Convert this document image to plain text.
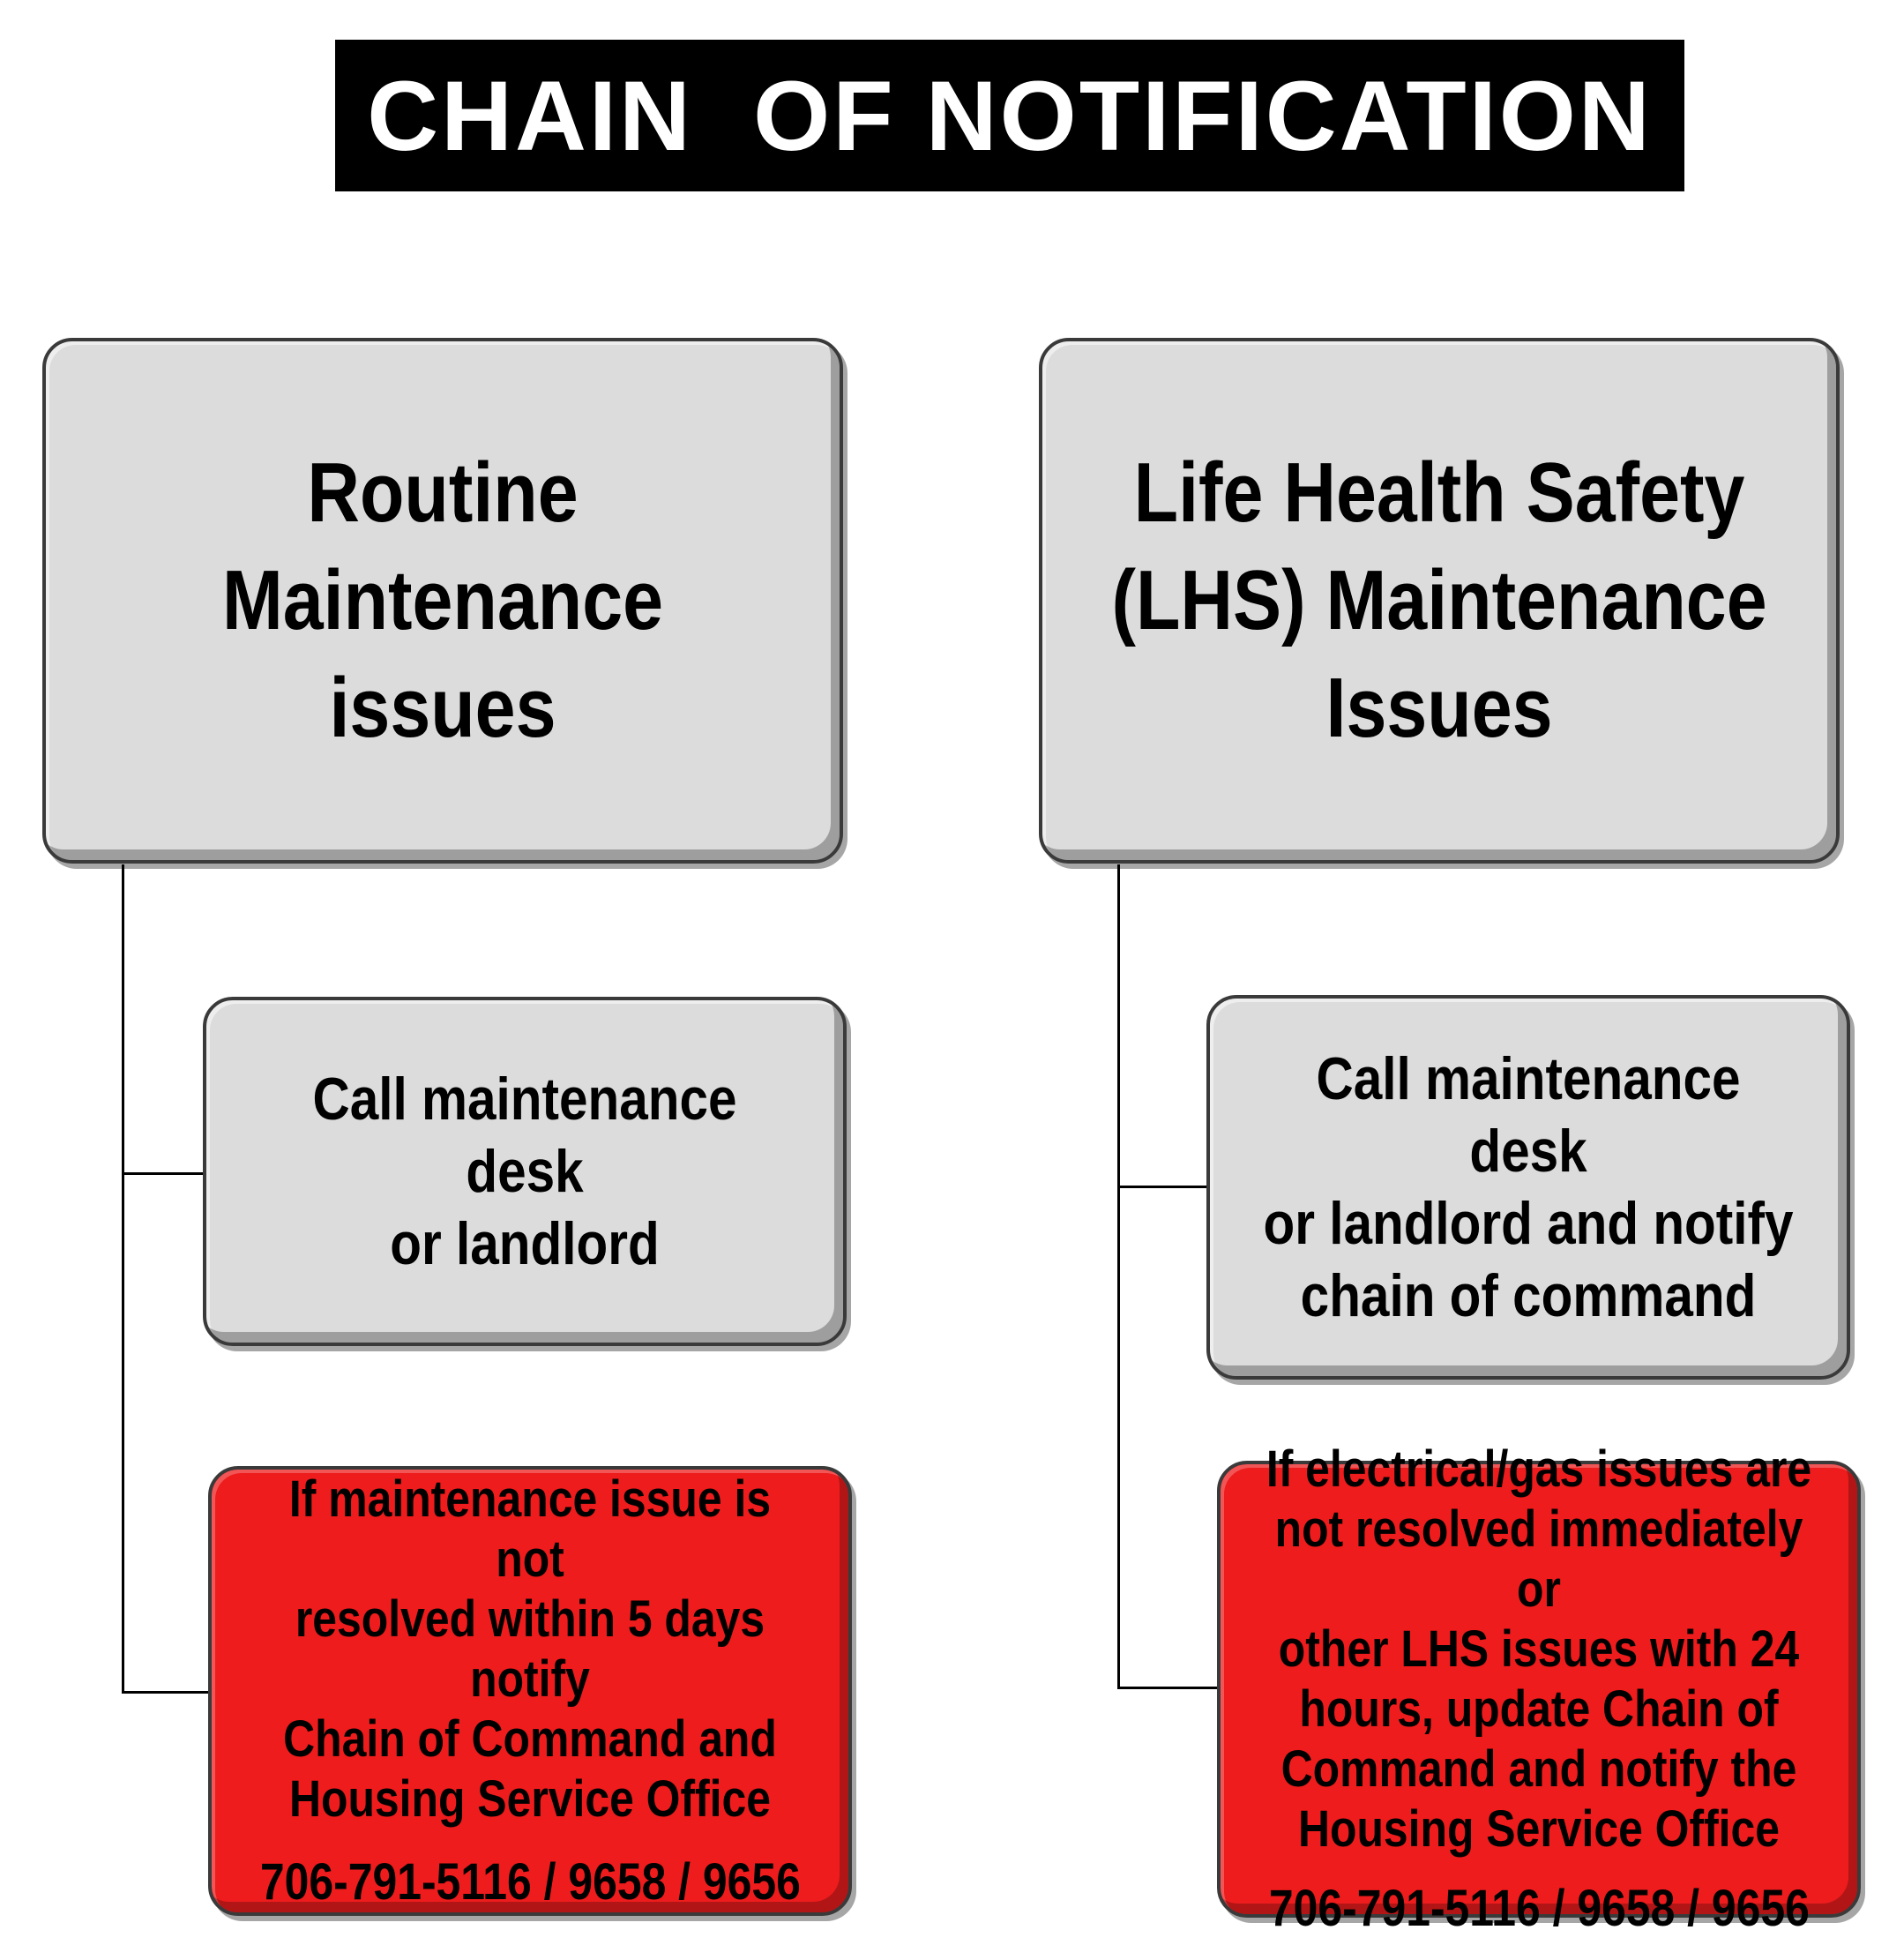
CHAIN  OF NOTIFICATION
Routine
Maintenance issues
Life Health Safety
(LHS) Maintenance
Issues
Call maintenance desk
or landlord
Call maintenance desk
or landlord and notify
chain of command
If maintenance issue is not
resolved within 5 days notify
Chain of Command and
Housing Service Office
706-791-5116 / 9658 / 9656
If electrical/gas issues are
not resolved immediately or
other LHS issues with 24
hours, update Chain of
Command and notify the
Housing Service Office
706-791-5116 / 9658 / 9656
